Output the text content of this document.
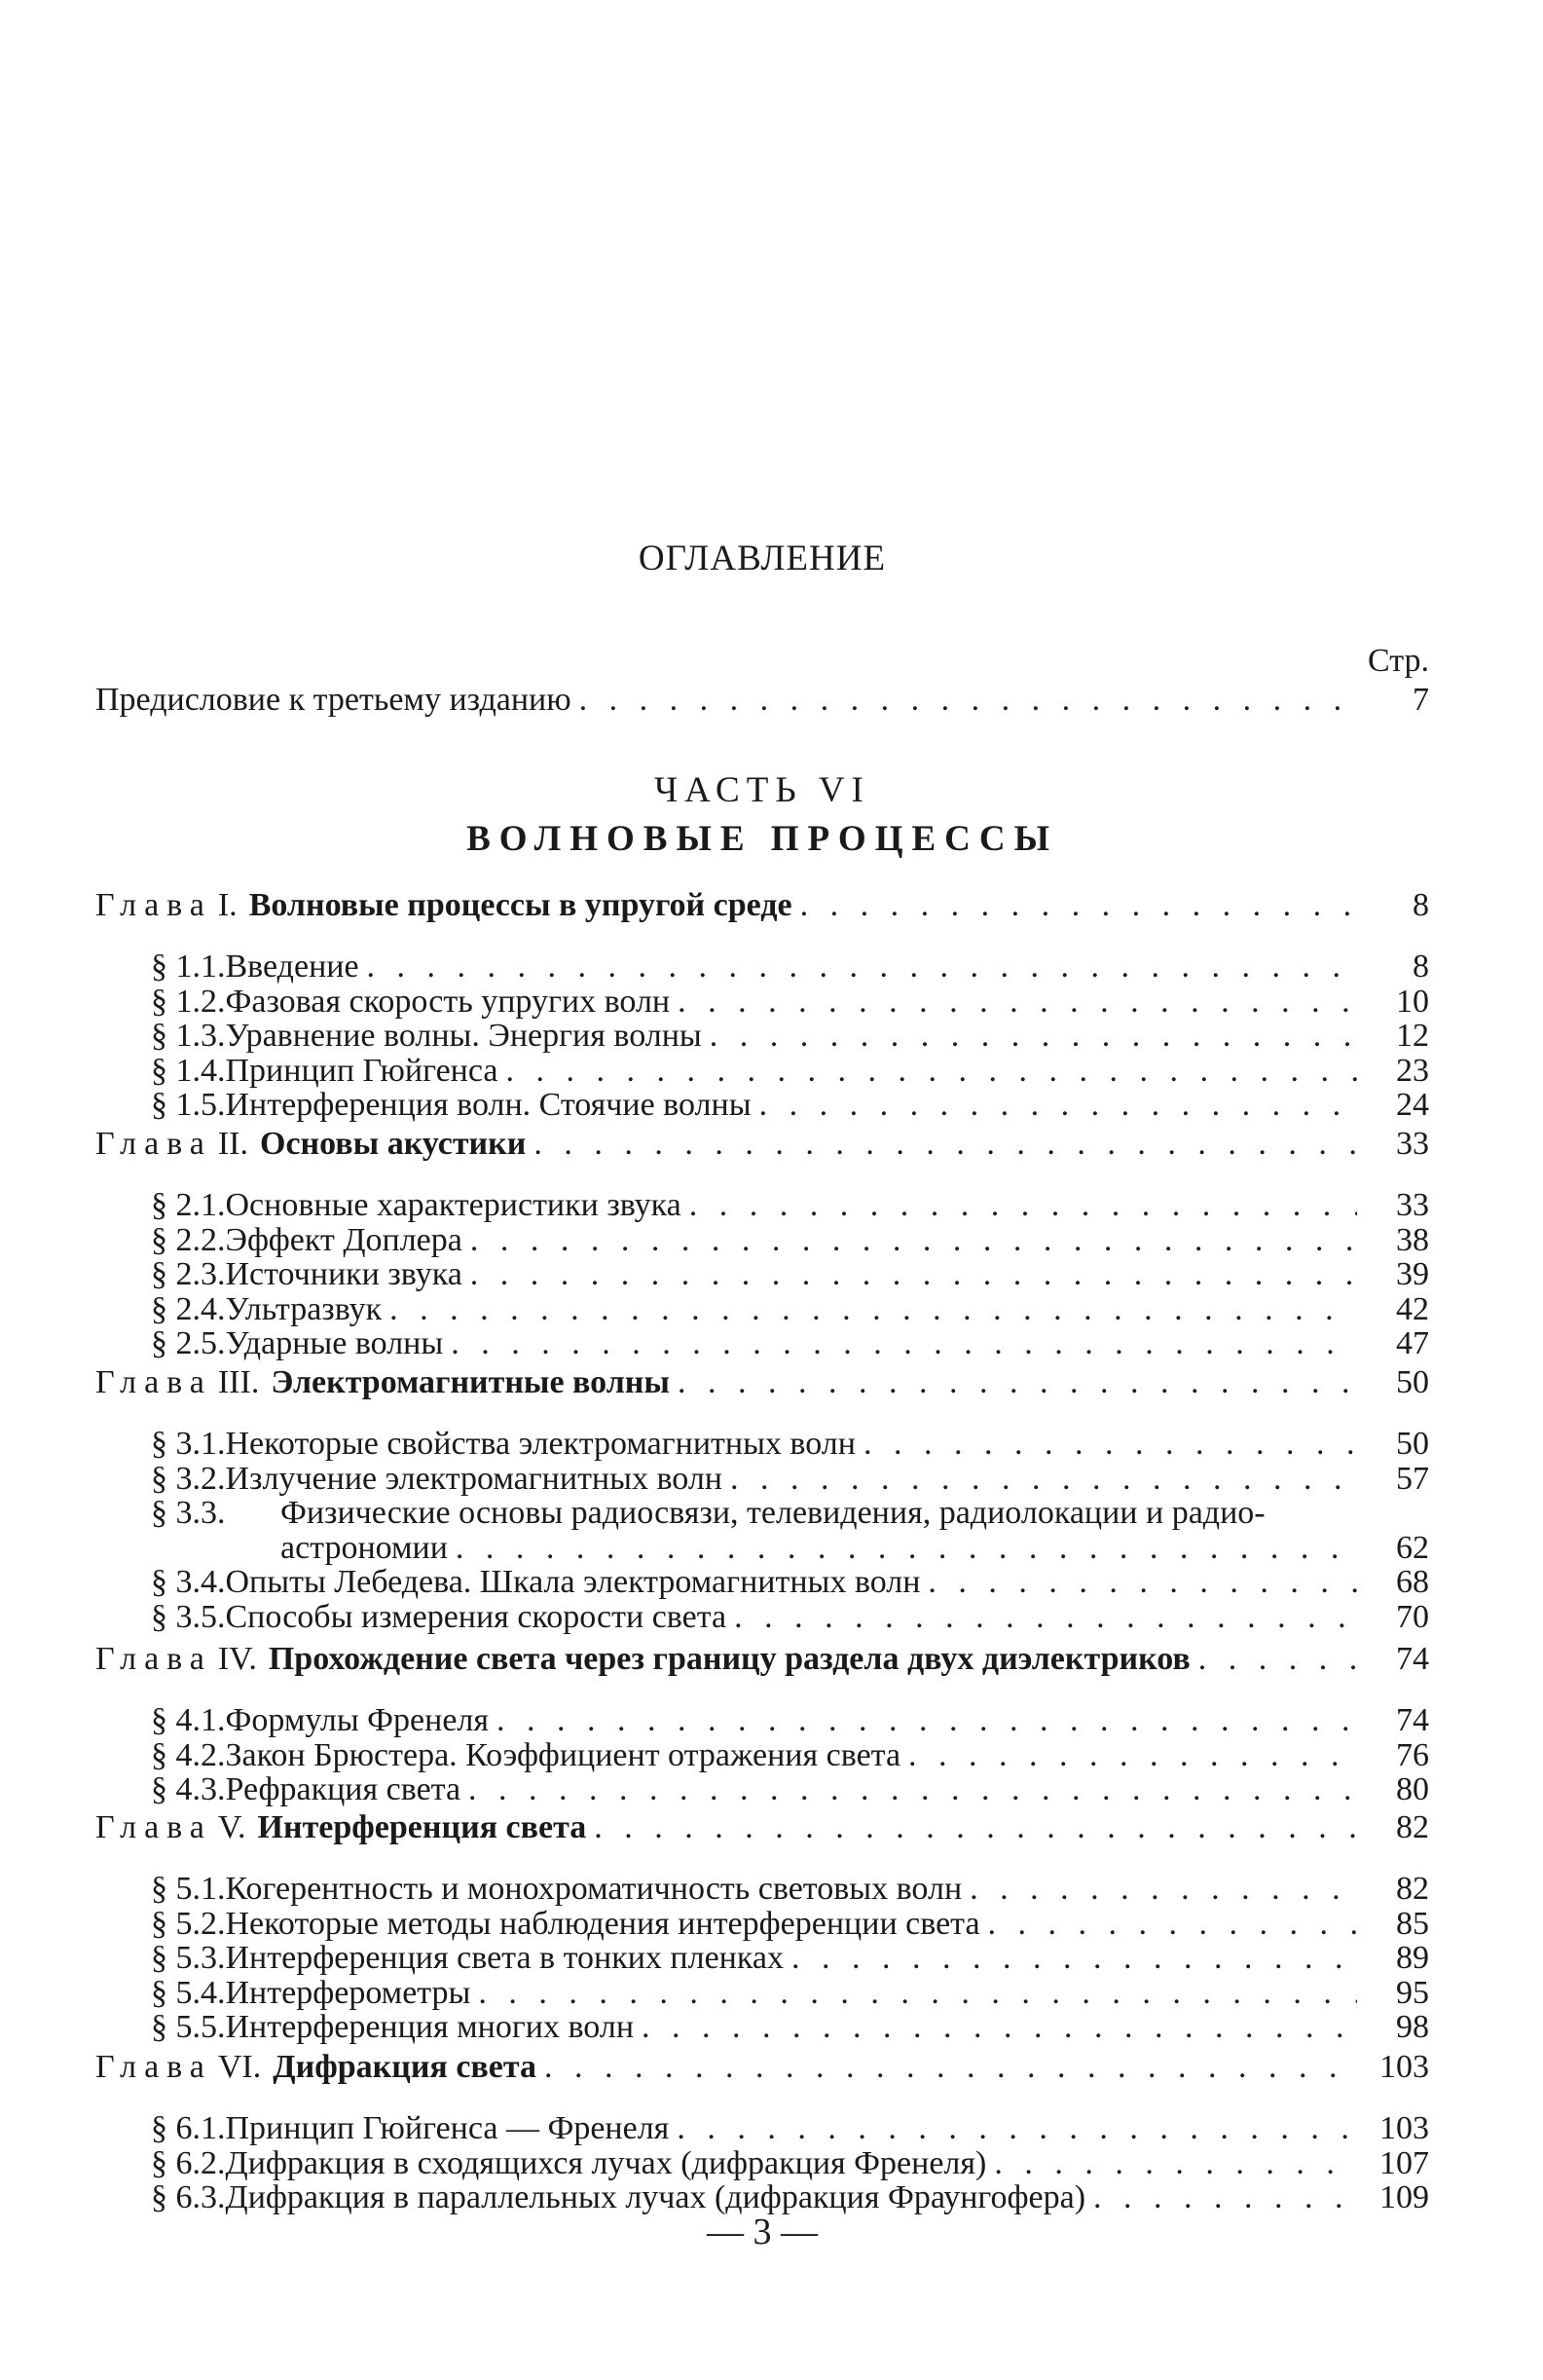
ОГЛАВЛЕНИЕ
Стр.
Предисловие к третьему изданию . . .	7
ЧАСТЬ VI
ВОЛНОВЫЕ ПРОЦЕССЫ
Глава I. Волновые процессы в упругой среде . . .	8
§ 1.1. Введение . . .	8
§ 1.2. Фазовая скорость упругих волн . . .	10
§ 1.3. Уравнение волны. Энергия волны . . .	12
§ 1.4. Принцип Гюйгенса . . .	23
§ 1.5. Интерференция волн. Стоячие волны . . .	24
Глава II. Основы акустики . . .	33
§ 2.1. Основные характеристики звука . . .	33
§ 2.2. Эффект Доплера . . .	38
§ 2.3. Источники звука . . .	39
§ 2.4. Ультразвук . . .	42
§ 2.5. Ударные волны . . .	47
Глава III. Электромагнитные волны . . .	50
§ 3.1. Некоторые свойства электромагнитных волн . . .	50
§ 3.2. Излучение электромагнитных волн . . .	57
§ 3.3.	Физические основы радиосвязи, телевидения, радиолокации и радио-
астрономии . . .	62
§ 3.4. Опыты Лебедева. Шкала электромагнитных волн . . .	68
§ 3.5. Способы измерения скорости света . . .	70
Глава IV. Прохождение света через границу раздела двух диэлектриков . . .	74
§ 4.1. Формулы Френеля . . .	74
§ 4.2. Закон Брюстера. Коэффициент отражения света . . .	76
§ 4.3. Рефракция света . . .	80
Глава V. Интерференция света . . .	82
§ 5.1. Когерентность и монохроматичность световых волн . . .	82
§ 5.2. Некоторые методы наблюдения интерференции света . . .	85
§ 5.3. Интерференция света в тонких пленках . . .	89
§ 5.4. Интерферометры . . .	95
§ 5.5. Интерференция многих волн . . .	98
Глава VI. Дифракция света . . .	103
§ 6.1. Принцип Гюйгенса — Френеля . . .	103
§ 6.2. Дифракция в сходящихся лучах (дифракция Френеля) . . .	107
§ 6.3. Дифракция в параллельных лучах (дифракция Фраунгофера) . . .	109
— 3 —
